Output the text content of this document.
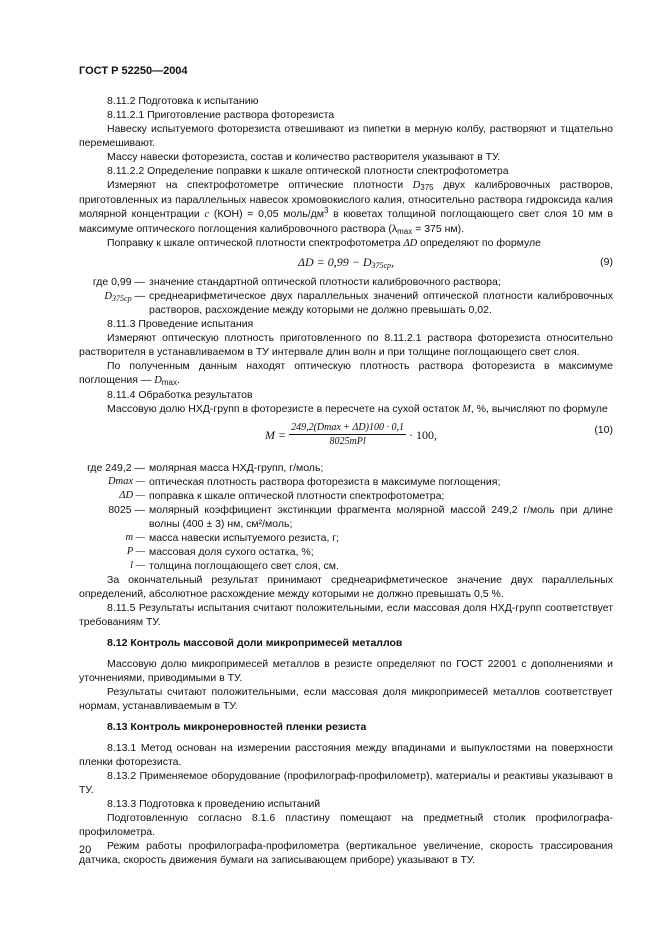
ГОСТ Р 52250—2004

8.11.2 Подготовка к испытанию

8.11.2.1 Приготовление раствора фоторезиста

Навеску испытуемого фоторезиста отвешивают из пипетки в мерную колбу, растворяют и тщательно перемешивают.

Массу навески фоторезиста, состав и количество растворителя указывают в ТУ.

8.11.2.2 Определение поправки к шкале оптической плотности спектрофотометра

Измеряют на спектрофотометре оптические плотности $D_{375}$ двух калибровочных растворов, приготовленных из параллельных навесок хромовокислого калия, относительно раствора гидроксида калия молярной концентрации c (КОН) = 0,05 моль/$дм^3$ в кюветах толщиной поглощающего свет слоя 10 мм в максимуме оптического поглощения калибровочного раствора ($\lambda_{max} = 375$ нм).

Поправку к шкале оптической плотности спектрофотометра ΔD определяют по формуле

$\Delta D = 0,99 - D_{375ср}$,	(9)
где 0,99 — значение стандартной оптической плотности калибровочного раствора;
$D_{375ср}$ — среднеарифметическое двух параллельных значений оптической плотности калибровочных растворов, расхождение между которыми не должно превышать 0,02.

8.11.3 Проведение испытания

Измеряют оптическую плотность приготовленного по 8.11.2.1 раствора фоторезиста относительно растворителя в устанавливаемом в ТУ интервале длин волн и при толщине поглощающего свет слоя.

По полученным данным находят оптическую плотность раствора фоторезиста в максимуме поглощения — $D_{max}$.

8.11.4 Обработка результатов

Массовую долю НХД-групп в фоторезисте в пересчете на сухой остаток M, %, вычисляют по формуле

$M = \frac{249,2(Dmax + \Delta D)100 \cdot 0,1}{\text{8025mPl}} \cdot 100$,	(10)
где 249,2 — молярная масса НХД-групп, г/моль;
Dmax — оптическая плотность раствора фоторезиста в максимуме поглощения;
ΔD — поправка к шкале оптической плотности спектрофотометра;
8025 — молярный коэффициент экстинкции фрагмента молярной массой 249,2 г/моль при длине волны (400 ± 3) нм, см²/моль;
m — масса навески испытуемого резиста, г;
P — массовая доля сухого остатка, %;
l — толщина поглощающего свет слоя, см.

За окончательный результат принимают среднеарифметическое значение двух параллельных определений, абсолютное расхождение между которыми не должно превышать 0,5 %.

8.11.5 Результаты испытания считают положительными, если массовая доля НХД-групп соответствует требованиям ТУ.

8.12 Контроль массовой доли микропримесей металлов

Массовую долю микропримесей металлов в резисте определяют по ГОСТ 22001 с дополнениями и уточнениями, приводимыми в ТУ.

Результаты считают положительными, если массовая доля микропримесей металлов соответствует нормам, устанавливаемым в ТУ.

8.13 Контроль микронеровностей пленки резиста

8.13.1 Метод основан на измерении расстояния между впадинами и выпуклостями на поверхности пленки фоторезиста.

8.13.2 Применяемое оборудование (профилограф-профилометр), материалы и реактивы указывают в ТУ.

8.13.3 Подготовка к проведению испытаний

Подготовленную согласно 8.1.6 пластину помещают на предметный столик профилографа-профилометра.

Режим работы профилографа-профилометра (вертикальное увеличение, скорость трассирования датчика, скорость движения бумаги на записывающем приборе) указывают в ТУ.

20
